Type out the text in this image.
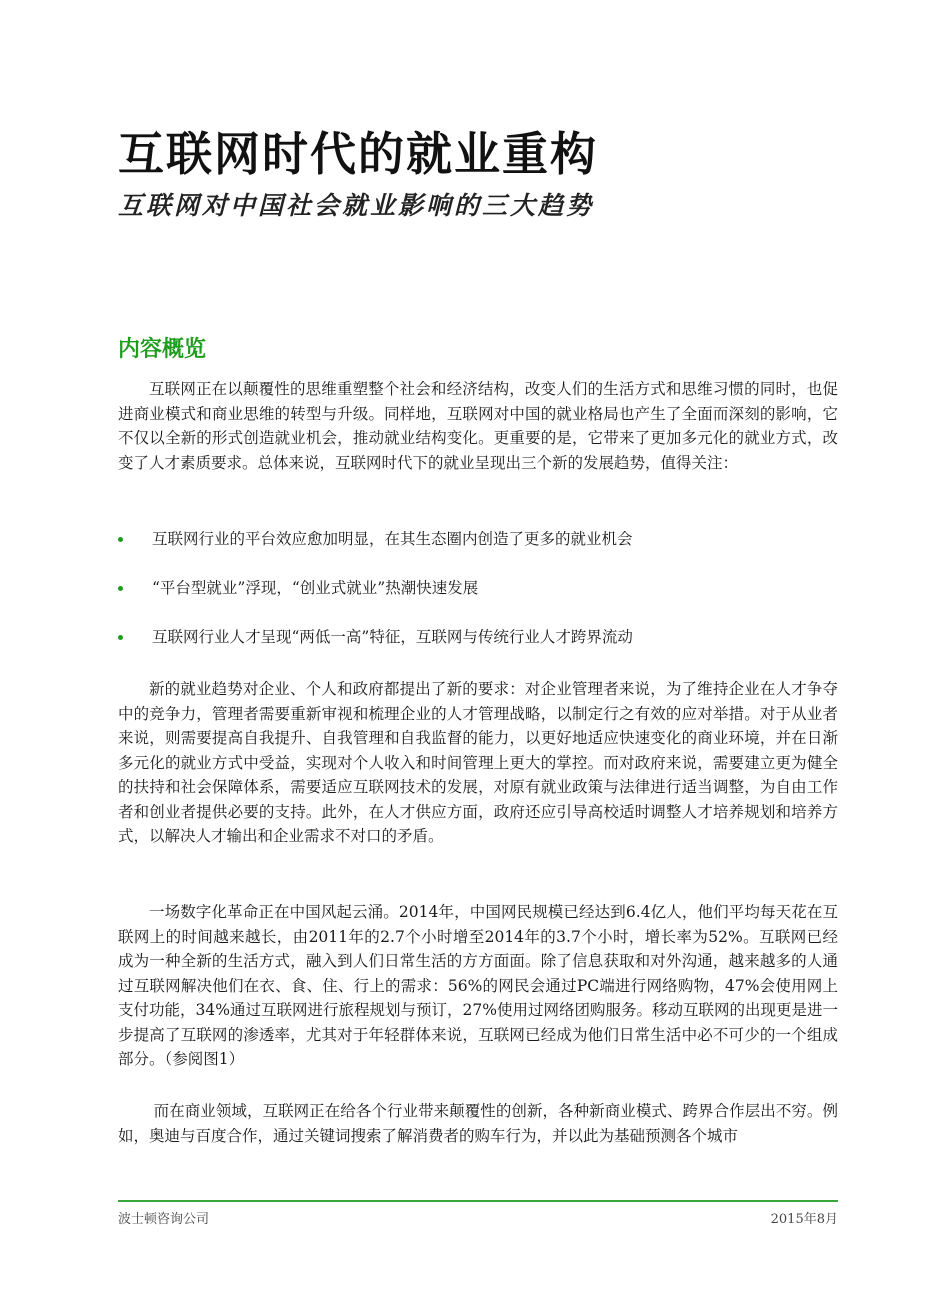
互联网时代的就业重构
互联网对中国社会就业影响的三大趋势
内容概览

互联网正在以颠覆性的思维重塑整个社会和经济结构，改变人们的生活方式和思维习惯的同时，也促进商业模式和商业思维的转型与升级。同样地，互联网对中国的就业格局也产生了全面而深刻的影响，它不仅以全新的形式创造就业机会，推动就业结构变化。更重要的是，它带来了更加多元化的就业方式，改变了人才素质要求。总体来说，互联网时代下的就业呈现出三个新的发展趋势，值得关注：

互联网行业的平台效应愈加明显，在其生态圈内创造了更多的就业机会
“平台型就业”浮现，“创业式就业”热潮快速发展
互联网行业人才呈现“两低一高”特征，互联网与传统行业人才跨界流动

新的就业趋势对企业、个人和政府都提出了新的要求：对企业管理者来说，为了维持企业在人才争夺中的竞争力，管理者需要重新审视和梳理企业的人才管理战略，以制定行之有效的应对举措。对于从业者来说，则需要提高自我提升、自我管理和自我监督的能力，以更好地适应快速变化的商业环境，并在日渐多元化的就业方式中受益，实现对个人收入和时间管理上更大的掌控。而对政府来说，需要建立更为健全的扶持和社会保障体系，需要适应互联网技术的发展，对原有就业政策与法律进行适当调整，为自由工作者和创业者提供必要的支持。此外，在人才供应方面，政府还应引导高校适时调整人才培养规划和培养方式，以解决人才输出和企业需求不对口的矛盾。

一场数字化革命正在中国风起云涌。2014年，中国网民规模已经达到6.4亿人，他们平均每天花在互联网上的时间越来越长，由2011年的2.7个小时增至2014年的3.7个小时，增长率为52%。互联网已经成为一种全新的生活方式，融入到人们日常生活的方方面面。除了信息获取和对外沟通，越来越多的人通过互联网解决他们在衣、食、住、行上的需求：56%的网民会通过PC端进行网络购物，47%会使用网上支付功能，34%通过互联网进行旅程规划与预订，27%使用过网络团购服务。移动互联网的出现更是进一步提高了互联网的渗透率，尤其对于年轻群体来说，互联网已经成为他们日常生活中必不可少的一个组成部分。（参阅图1）

而在商业领域，互联网正在给各个行业带来颠覆性的创新，各种新商业模式、跨界合作层出不穷。例如，奥迪与百度合作，通过关键词搜索了解消费者的购车行为，并以此为基础预测各个城市

波士顿咨询公司	2015年8月
